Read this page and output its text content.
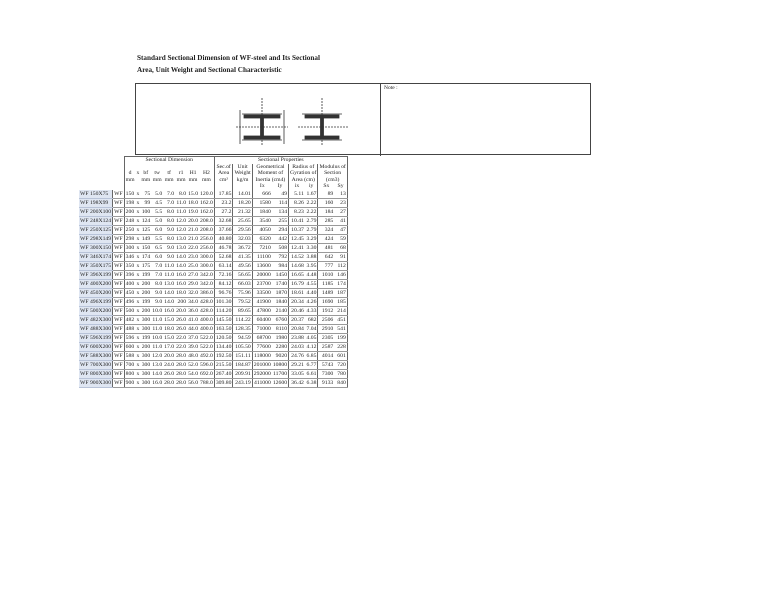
Standard Sectional Dimension of WF-steel and Its Sectional
Area, Unit Weight and Sectional Characteristic
Note :
		Sectional Dimension								Sectional Properties							
										Sec.of	Unit	Geometrical		Radius of		Modulus of	
		d	x	bf	tw	tf	r1	H1	H2	Area	Weight	Moment of		Gyration of		Section	
		mm		mm	mm	mm	mm	mm	mm	cm²	kg/m	Inertia (cm4)		Area (cm)		(cm3)	
												Ix	Iy	ix	iy	Sx	Sy
WF 150X75	WF	150	x	75	5.0	7.0	8.0	15.0	120.0	17.85	14.01	666	49	5.11	1.67	89	13
WF 198X99	WF	198	x	99	4.5	7.0	11.0	18.0	162.0	23.2	18.20	1580	114	8.26	2.22	160	23
WF 200X100	WF	200	x	100	5.5	8.0	11.0	19.0	162.0	27.2	21.32	1840	134	8.23	2.22	184	27
WF 248X124	WF	248	x	124	5.0	8.0	12.0	20.0	208.0	32.68	25.65	3540	255	10.41	2.79	285	41
WF 250X125	WF	250	x	125	6.0	9.0	12.0	21.0	208.0	37.66	29.56	4050	294	10.37	2.79	324	47
WF 298X149	WF	298	x	149	5.5	8.0	13.0	21.0	256.0	40.80	32.03	6320	442	12.45	3.29	424	59
WF 300X150	WF	300	x	150	6.5	9.0	13.0	22.0	256.0	46.78	36.72	7210	508	12.41	3.30	481	68
WF 346X174	WF	346	x	174	6.0	9.0	14.0	23.0	300.0	52.68	41.35	11100	792	14.52	3.88	642	91
WF 350X175	WF	350	x	175	7.0	11.0	14.0	25.0	300.0	63.14	49.56	13600	984	14.68	3.95	777	112
WF 396X199	WF	396	x	199	7.0	11.0	16.0	27.0	342.0	72.16	56.65	20000	1450	16.65	4.48	1010	146
WF 400X200	WF	400	x	200	8.0	13.0	16.0	29.0	342.0	84.12	66.03	23700	1740	16.79	4.55	1185	174
WF 450X200	WF	450	x	200	9.0	14.0	18.0	32.0	386.0	96.76	75.96	33500	1870	18.61	4.40	1489	187
WF 496X199	WF	496	x	199	9.0	14.0	200	34.0	428.0	101.30	79.52	41900	1840	20.34	4.26	1690	185
WF 500X200	WF	500	x	200	10.0	16.0	20.0	36.0	428.0	114.20	89.65	47800	2140	20.46	4.33	1912	214
WF 482X300	WF	482	x	300	11.0	15.0	26.0	41.0	400.0	145.50	114.22	60400	6760	20.37	682	2506	451
WF 488X300	WF	488	x	300	11.0	18.0	26.0	44.0	400.0	163.50	128.35	71000	8110	20.84	7.04	2910	541
WF 596X199	WF	596	x	199	10.0	15.0	22.0	37.0	522.0	120.50	94.59	68700	1980	23.88	4.05	2305	199
WF 600X200	WF	600	x	200	11.0	17.0	22.0	39.0	522.0	134.40	105.50	77600	2280	24.03	4.12	2587	228
WF 588X300	WF	588	x	300	12.0	20.0	28.0	48.0	492.0	192.50	151.11	118000	9020	24.76	6.85	4014	601
WF 700X300	WF	700	x	300	13.0	24.0	28.0	52.0	596.0	215.50	184.87	201000	10800	29.21	6.77	5743	720
WF 800X300	WF	800	x	300	14.0	26.0	28.0	54.0	692.0	267.40	209.91	292000	11700	33.05	6.61	7300	780
WF 900X300	WF	900	x	300	16.0	28.0	28.0	56.0	788.0	309.80	243.19	411000	12600	36.42	6.38	9133	840
